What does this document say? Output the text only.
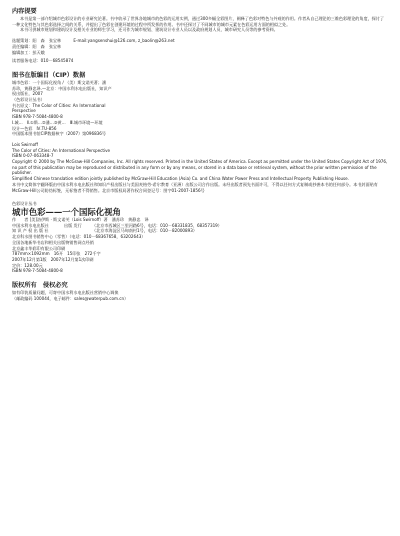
内容提要

本书是第一部介绍城市色彩设计的专业研究论著。书中收录了世界各地城市的色彩的运用实例，通过300多幅全彩图片，阐释了色彩对特色与外观的作用。作者从自己理论的三维色彩理论的角度，探讨了一种文化特色与其色彩选择之间的关系，并提出了色彩在创建环境的过程中所发挥的作用。书中还探讨了不同城市的城市元素在色彩运用方面的相似之处。

本书可供城市规划和建筑设计及相关专业的师生学习，还可作为城市规划、建筑设计专业人员以及政府规划人员、城市研究人员等的参考资料。

选题策划：阳　森　张宝林　　　E-mail:yangsenshui@126.com, z_baolin@263.net

责任编辑：阳　森　张宝林

编辑加工：彭天娥

读者服务电话：010－68545874

图书在版编目（CIP）数据

城市色彩：一个国际化视角 / （美）斯文诺芙著；潘

苏珍，黄静忠译.—北京：中国水利水电出版社，知识产

权出版社，2007

（色彩设计丛书）

书名原文：The Color of Cities: An International

Perspective

ISBN 978-7-5084-4800-8

Ⅰ.城…　Ⅱ.①斯…②潘…③黄…　Ⅲ.城市环境—环境

设计—色彩　Ⅳ.TU-856

中国版本图书馆CIP数据核字（2007）第096836号

Lois Swirnoff

The Color of Cities: An International Perspective

ISBN 0-07-063348-7

Copyright © 2000 by The McGraw-Hill Companies, Inc. All rights reserved. Printed in the United States of America. Except as permitted under the United States Copyright Act of 1976, no part of this publication may be reproduced or distributed in any form or by any means, or stored in a data base or retrieval system, without the prior written permission of the publisher.

Simplified Chinese translation edition jointly published by McGraw-Hill Education (Asia) Co. and China Water Power Press and Intellectual Property Publishing House.

本书中文简体字翻译版由中国水利水电出版社和知识产权出版社与美国麦格劳-希尔教育（亚洲）出版公司合作出版。未经出版者预先书面许可，不得以任何方式复制或抄袭本书的任何部分。本书封面贴有McGraw-Hill公司防伪标签，无标签者不得销售。北京市版权局著作权合同登记号：图字01-2007-1856号

色彩设计丛书

城市色彩——一个国际化视角

作　　者 [美]洛伊斯 · 斯文诺芙（Lois Swirnoff）著　潘苏珍　黄静忠　译

中国水利水电出版社

知 识 产 权 出 版 社

出版 发行	（北京市西城区三里河路6号，电话：010－68331835、68357319）

（北京市海淀区马甸南村1号，电话：010－82000893）

北京科水图书销售中心（零售）（电话：010－68367658，63202643）

全国各地新华书店和相关出版物销售网点经销

北京鑫丰华彩印有限公司印刷

787mm×1092mm　16开　15印张　272千字

2007年12月第1版　2007年12月第1次印刷

定价：128.00元

ISBN 978-7-5084-4800-8

版权所有　侵权必究

如有印装质量问题，可寄中国水利水电出版社营销中心调换

（邮政编码 100044，电子邮件：sales@waterpub.com.cn）
